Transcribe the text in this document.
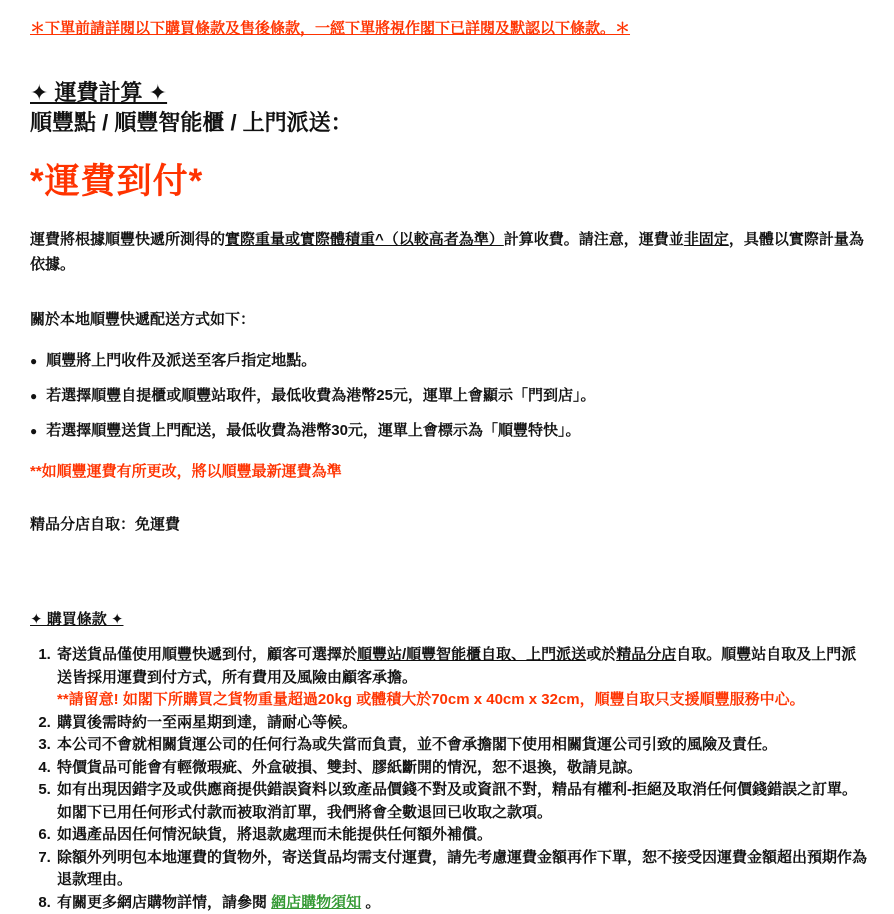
＊下單前請詳閱以下購買條款及售後條款，一經下單將視作閣下已詳閱及默認以下條款。＊
✦ 運費計算 ✦
順豐點 / 順豐智能櫃 / 上門派送：
*運費到付*

運費將根據順豐快遞所測得的實際重量或實際體積重^（以較高者為準）計算收費。請注意，運費並非固定，具體以實際計量為依據。

關於本地順豐快遞配送方式如下：

● 順豐將上門收件及派送至客戶指定地點。
● 若選擇順豐自提櫃或順豐站取件，最低收費為港幣25元，運單上會顯示「門到店」。
● 若選擇順豐送貨上門配送，最低收費為港幣30元，運單上會標示為「順豐特快」。
**如順豐運費有所更改，將以順豐最新運費為準
精品分店自取：免運費
✦ 購買條款 ✦
1. 寄送貨品僅使用順豐快遞到付，顧客可選擇於順豐站/順豐智能櫃自取、上門派送或於精品分店自取。順豐站自取及上門派送皆採用運費到付方式，所有費用及風險由顧客承擔。
**請留意! 如閣下所購買之貨物重量超過20kg 或體積大於70cm x 40cm x 32cm，順豐自取只支援順豐服務中心。
2. 購買後需時約一至兩星期到達，請耐心等候。
3. 本公司不會就相關貨運公司的任何行為或失當而負責，並不會承擔閣下使用相關貨運公司引致的風險及責任。
4. 特價貨品可能會有輕微瑕疵、外盒破損、雙封、膠紙斷開的情況，恕不退換，敬請見諒。
5. 如有出現因錯字及或供應商提供錯誤資料以致產品價錢不對及或資訊不對，精品有權利-拒絕及取消任何價錢錯誤之訂單。如閣下已用任何形式付款而被取消訂單，我們將會全數退回已收取之款項。
6. 如遇產品因任何情況缺貨，將退款處理而未能提供任何額外補償。
7. 除額外列明包本地運費的貨物外，寄送貨品均需支付運費，請先考慮運費金額再作下單，恕不接受因運費金額超出預期作為退款理由。
8. 有關更多網店購物詳情，請參閱 網店購物須知 。
